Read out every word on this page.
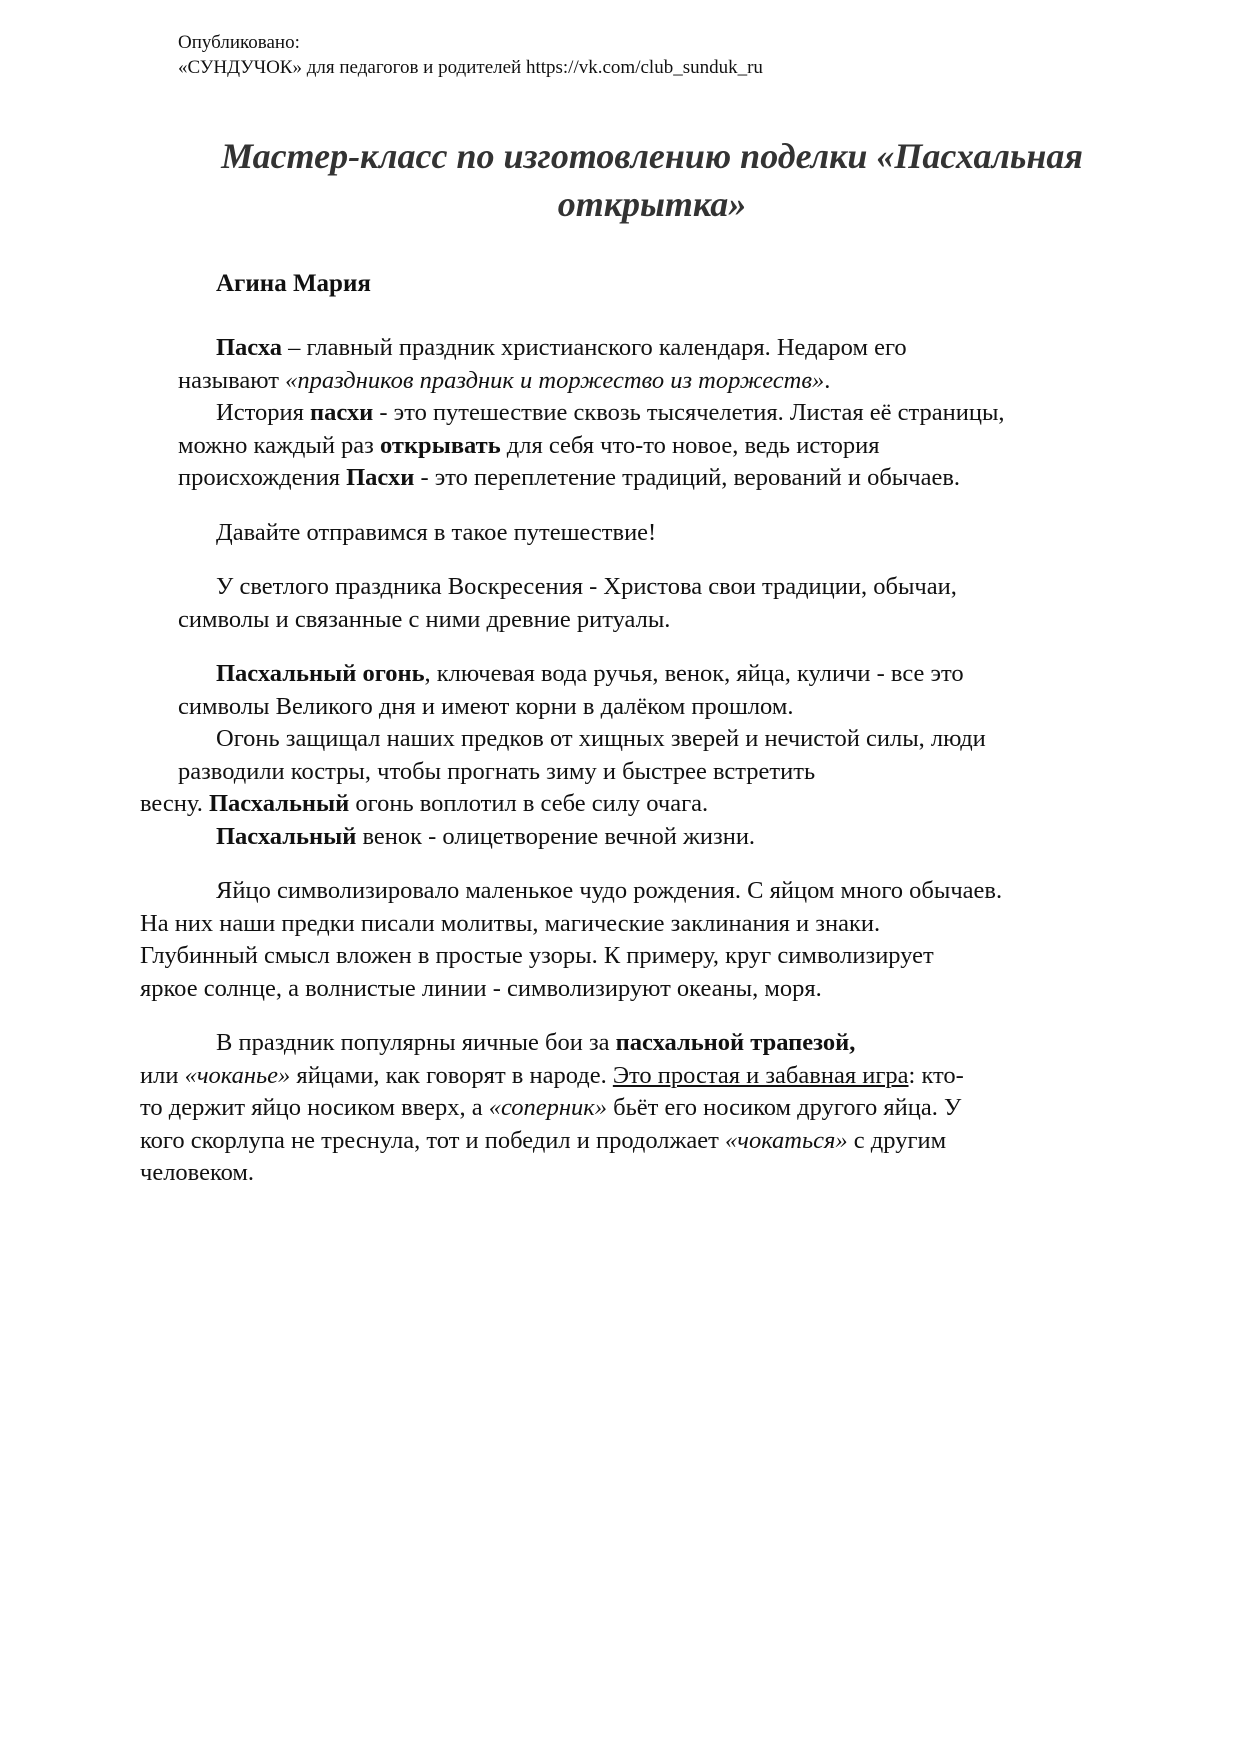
Опубликовано:
«СУНДУЧОК» для педагогов и родителей https://vk.com/club_sunduk_ru
Мастер-класс по изготовлению поделки «Пасхальная
открытка»
Агина Мария

Пасха – главный праздник христианского календаря. Недаром его
называют «праздников праздник и торжество из торжеств».

История пасхи - это путешествие сквозь тысячелетия. Листая её страницы,
можно каждый раз открывать для себя что-то новое, ведь история
происхождения Пасхи - это переплетение традиций, верований и обычаев.

Давайте отправимся в такое путешествие!

У светлого праздника Воскресения - Христова свои традиции, обычаи,
символы и связанные с ними древние ритуалы.

Пасхальный огонь, ключевая вода ручья, венок, яйца, куличи - все это
символы Великого дня и имеют корни в далёком прошлом.

Огонь защищал наших предков от хищных зверей и нечистой силы, люди
разводили костры, чтобы прогнать зиму и быстрее встретить
весну. Пасхальный огонь воплотил в себе силу очага.

Пасхальный венок - олицетворение вечной жизни.

Яйцо символизировало маленькое чудо рождения. С яйцом много обычаев.
На них наши предки писали молитвы, магические заклинания и знаки.
Глубинный смысл вложен в простые узоры. К примеру, круг символизирует
яркое солнце, а волнистые линии - символизируют океаны, моря.

В праздник популярны яичные бои за пасхальной трапезой,
или «чоканье» яйцами, как говорят в народе. Это простая и забавная игра: кто-
то держит яйцо носиком вверх, а «соперник» бьёт его носиком другого яйца. У
кого скорлупа не треснула, тот и победил и продолжает «чокаться» с другим
человеком.
